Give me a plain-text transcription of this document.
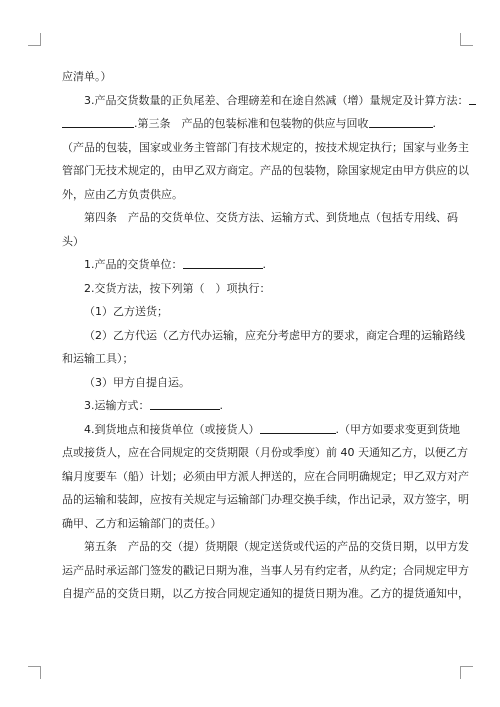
应清单。）

3.产品交货数量的正负尾差、合理磅差和在途自然减（增）量规定及计算方法：

.第三条　产品的包装标准和包装物的供应与回收	.

（产品的包装，国家或业务主管部门有技术规定的，按技术规定执行；国家与业务主

管部门无技术规定的，由甲乙双方商定。产品的包装物，除国家规定由甲方供应的以

外，应由乙方负责供应。

第四条　产品的交货单位、交货方法、运输方式、到货地点（包括专用线、码

头）

1.产品的交货单位：	.

2.交货方法，按下列第（　）项执行：

（1）乙方送货；

（2）乙方代运（乙方代办运输，应充分考虑甲方的要求，商定合理的运输路线

和运输工具）；

（3）甲方自提自运。

3.运输方式：	.

4.到货地点和接货单位（或接货人）	.（甲方如要求变更到货地

点或接货人，应在合同规定的交货期限（月份或季度）前 40 天通知乙方，以便乙方

编月度要车（船）计划；必须由甲方派人押送的，应在合同明确规定；甲乙双方对产

品的运输和装卸，应按有关规定与运输部门办理交换手续，作出记录，双方签字，明

确甲、乙方和运输部门的责任。）

第五条　产品的交（提）货期限（规定送货或代运的产品的交货日期，以甲方发

运产品时承运部门签发的戳记日期为准，当事人另有约定者，从约定；合同规定甲方

自提产品的交货日期，以乙方按合同规定通知的提货日期为准。乙方的提货通知中，
